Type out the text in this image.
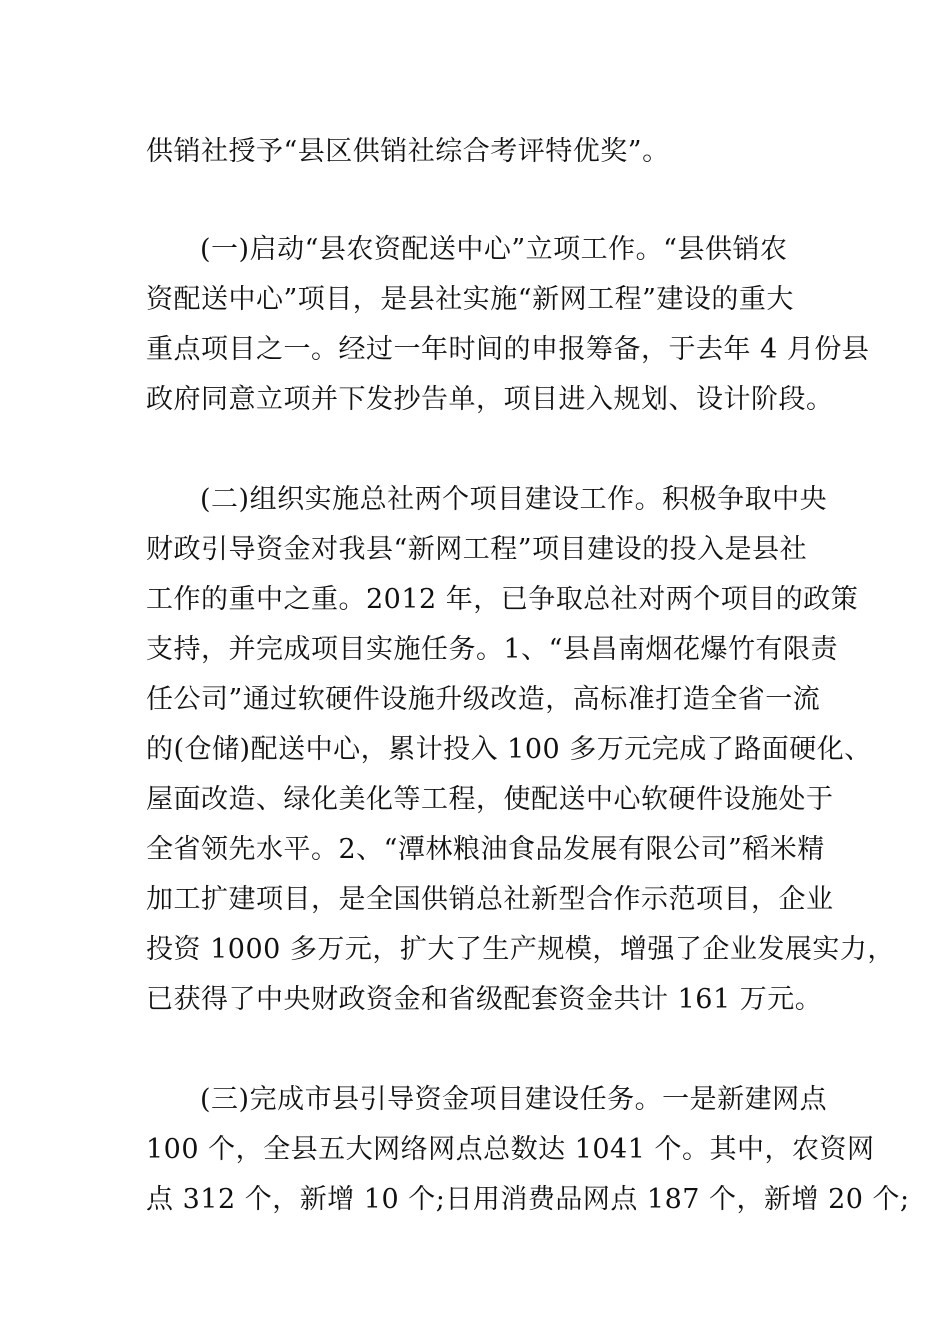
供销社授予“县区供销社综合考评特优奖”。
(一)启动“县农资配送中心”立项工作。“县供销农
资配送中心”项目，是县社实施“新网工程”建设的重大
重点项目之一。经过一年时间的申报筹备，于去年 4 月份县
政府同意立项并下发抄告单，项目进入规划、设计阶段。
(二)组织实施总社两个项目建设工作。积极争取中央
财政引导资金对我县“新网工程”项目建设的投入是县社
工作的重中之重。2012 年，已争取总社对两个项目的政策
支持，并完成项目实施任务。1、“县昌南烟花爆竹有限责
任公司”通过软硬件设施升级改造，高标准打造全省一流
的(仓储)配送中心，累计投入 100 多万元完成了路面硬化、
屋面改造、绿化美化等工程，使配送中心软硬件设施处于
全省领先水平。2、“潭林粮油食品发展有限公司”稻米精
加工扩建项目，是全国供销总社新型合作示范项目，企业
投资 1000 多万元，扩大了生产规模，增强了企业发展实力，
已获得了中央财政资金和省级配套资金共计 161 万元。
(三)完成市县引导资金项目建设任务。一是新建网点
100 个，全县五大网络网点总数达 1041 个。其中，农资网
点 312 个，新增 10 个;日用消费品网点 187 个，新增 20 个;
